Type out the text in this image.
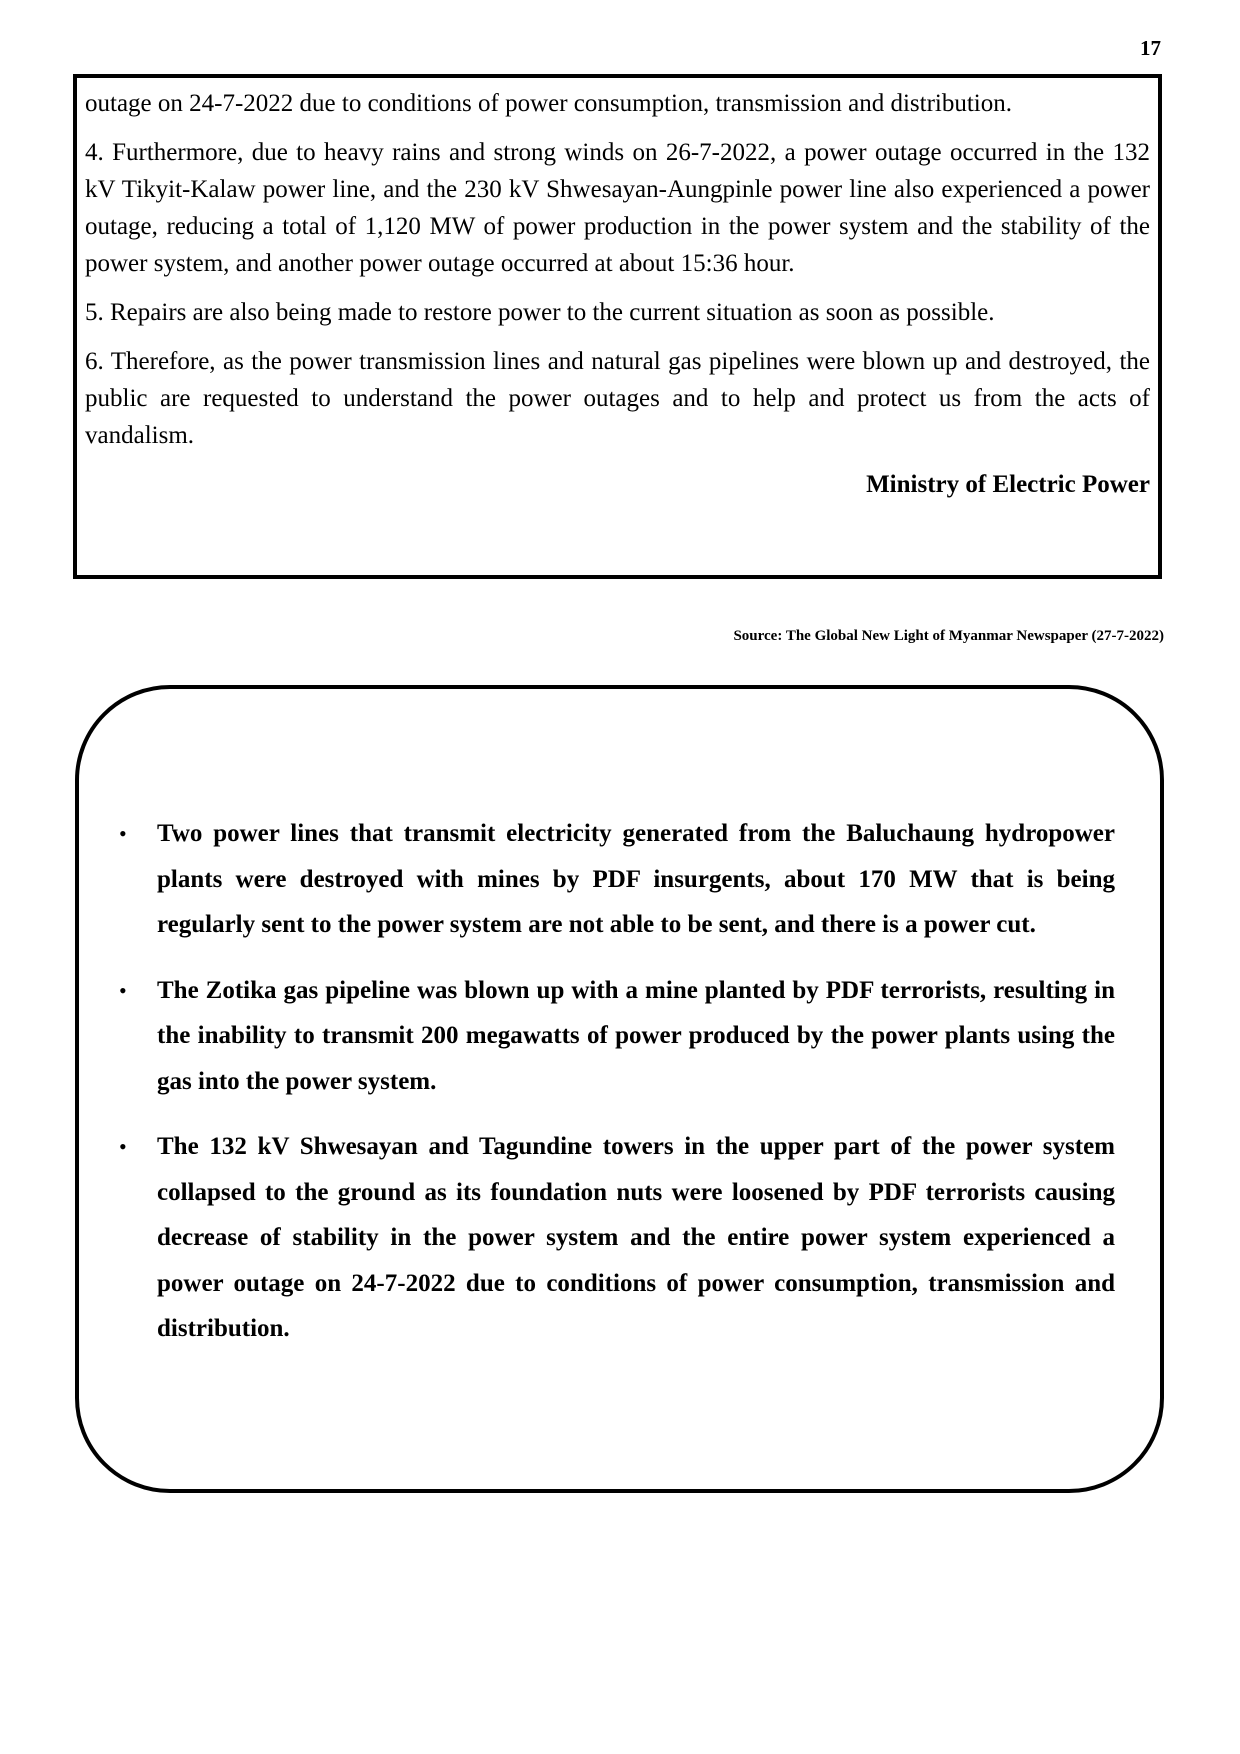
17

outage on 24-7-2022 due to conditions of power consumption, transmission and distribution.

4. Furthermore, due to heavy rains and strong winds on 26-7-2022, a power outage occurred in the 132 kV Tikyit-Kalaw power line, and the 230 kV Shwesayan-Aungpinle power line also experienced a power outage, reducing a total of 1,120 MW of power production in the power system and the stability of the power system, and another power outage occurred at about 15:36 hour.

5. Repairs are also being made to restore power to the current situation as soon as possible.

6. Therefore, as the power transmission lines and natural gas pipelines were blown up and destroyed, the public are requested to understand the power outages and to help and protect us from the acts of vandalism.

Ministry of Electric Power
Source: The Global New Light of Myanmar Newspaper (27-7-2022)
• Two power lines that transmit electricity generated from the Baluchaung hydropower plants were destroyed with mines by PDF insurgents, about 170 MW that is being regularly sent to the power system are not able to be sent, and there is a power cut.
• The Zotika gas pipeline was blown up with a mine planted by PDF terrorists, resulting in the inability to transmit 200 megawatts of power produced by the power plants using the gas into the power system.
• The 132 kV Shwesayan and Tagundine towers in the upper part of the power system collapsed to the ground as its foundation nuts were loosened by PDF terrorists causing decrease of stability in the power system and the entire power system experienced a power outage on 24-7-2022 due to conditions of power consumption, transmission and distribution.
